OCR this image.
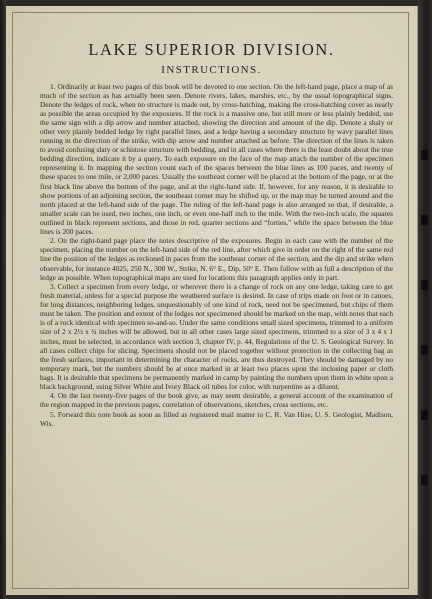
LAKE SUPERIOR DIVISION.
INSTRUCTIONS.

1. Ordinarily at least two pages of this book will be devoted to one section. On the left-hand page, place a map of as much of the section as has actually been seen. Denote rivers, lakes, marshes, etc., by the usual topographical signs. Denote the ledges of rock, when no structure is made out, by cross-hatching, making the cross-hatching cover as nearly as possible the areas occupied by the exposures. If the rock is a massive one, but still more or less plainly bedded, use the same sign with a dip arrow and number attached, showing the direction and amount of the dip. Denote a shaly or other very plainly bedded ledge by right parallel lines, and a ledge having a secondary structure by wavy parallel lines running in the direction of the strike, with dip arrow and number attached as before. The direction of the lines is taken to avoid confusing slaty or schistose structure with bedding, and in all cases where there is the least doubt about the true bedding direction, indicate it by a query. To each exposure on the face of the map attach the number of the specimen representing it. In mapping the section count each of the spaces between the blue lines as 100 paces, and twenty of these spaces to one mile, or 2,000 paces. Usually the southeast corner will be placed at the bottom of the page, or at the first black line above the bottom of the page, and at the right-hand side. If, however, for any reason, it is desirable to show portions of an adjoining section, the southeast corner may be shifted up, or the map may be turned around and the north placed at the left-hand side of the page. The ruling of the left-hand page is also arranged so that, if desirable, a smaller scale can be used, two inches, one inch, or even one-half inch to the mile. With the two-inch scale, the squares outlined in black represent sections, and those in red, quarter sections and “forties,” while the space between the blue lines is 200 paces.

2. On the right-hand page place the notes descriptive of the exposures. Begin in each case with the number of the specimen, placing the number on the left-hand side of the red line, after which give in order on the right of the same red line the position of the ledges as reckoned in paces from the southeast corner of the section, and the dip and strike when observable, for instance 4025, 250 N., 300 W., Strike, N. 6° E., Dip, 50° E. Then follow with as full a description of the ledge as possible. When topographical maps are used for locations this paragraph applies only in part.

3. Collect a specimen from every ledge, or wherever there is a change of rock on any one ledge, taking care to get fresh material, unless for a special purpose the weathered surface is desired. In case of trips made on foot or in canoes, for long distances, neighboring ledges, unquestionably of one kind of rock, need not be specimened, but chips of them must be taken. The position and extent of the ledges not specimened should be marked on the map, with notes that each is of a rock identical with specimen so-and-so. Under the same conditions small sized specimens, trimmed to a uniform size of 2 x 2½ x ¾ inches will be allowed, but in all other cases large sized specimens, trimmed to a size of 3 x 4 x 1 inches, must be selected, in accordance with section 3, chapter IV, p. 44, Regulations of the U. S. Geological Survey. In all cases collect chips for slicing. Specimens should not be placed together without protection in the collecting bag as the fresh surfaces, important in determining the character of rocks, are thus destroyed. They should be damaged by no temporary mark, but the numbers should be at once marked in at least two places upon the inclosing paper or cloth bags. It is desirable that specimens be permanently marked in camp by painting the numbers upon them in white upon a black background, using Silver White and Ivory Black oil tubes for color, with turpentine as a diluent.

4. On the last twenty-five pages of the book give, as may seem desirable, a general account of the examination of the region mapped in the previous pages, correlation of observations, sketches, cross sections, etc.

5. Forward this note book as soon as filled as registered mail matter to C. R. Van Hise, U. S. Geologist, Madison, Wis.
